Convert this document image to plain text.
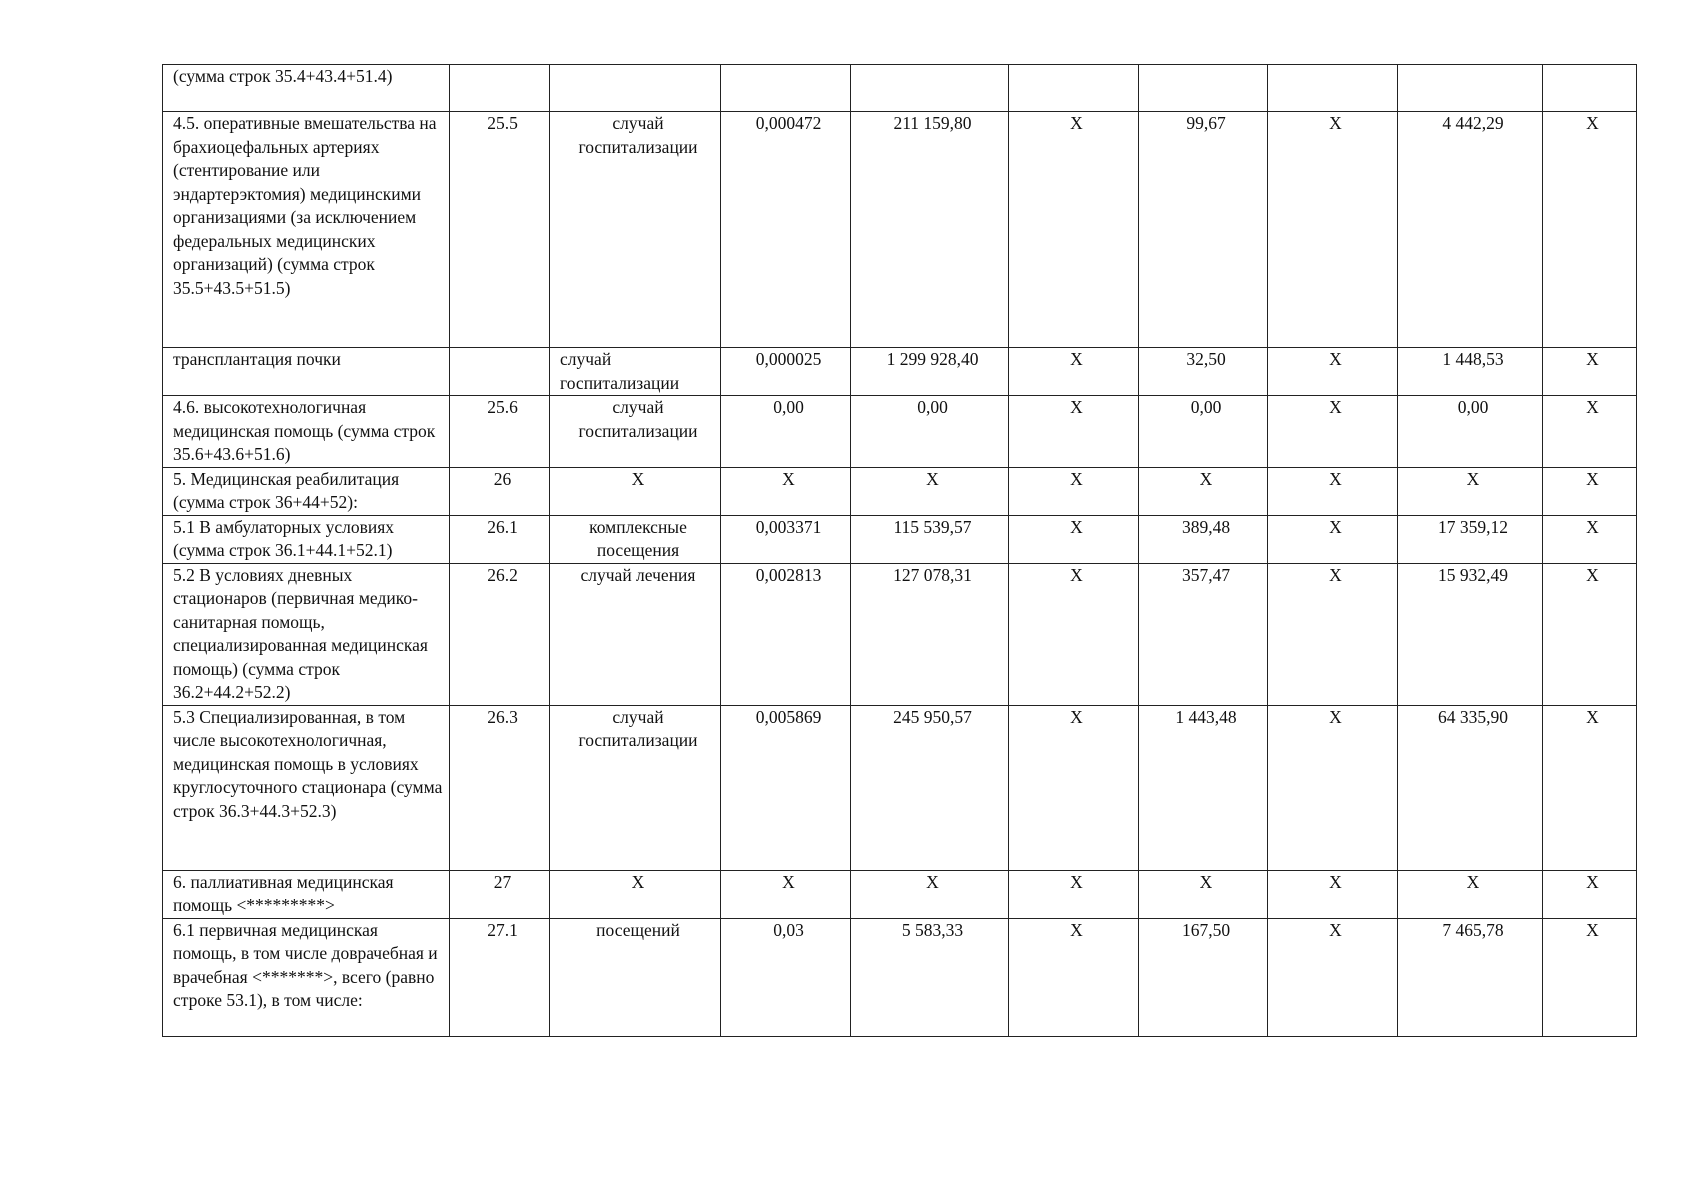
(сумма строк 35.4+43.4+51.4)									
4.5. оперативные вмешательства на брахиоцефальных артериях (стентирование или эндартерэктомия) медицинскими организациями (за исключением федеральных медицинских организаций) (сумма строк 35.5+43.5+51.5)	25.5	случай госпитализации	0,000472	211 159,80	Х	99,67	Х	4 442,29	Х
трансплантация почки		случай госпитализации	0,000025	1 299 928,40	Х	32,50	Х	1 448,53	Х
4.6. высокотехнологичная медицинская помощь (сумма строк 35.6+43.6+51.6)	25.6	случай госпитализации	0,00	0,00	Х	0,00	Х	0,00	Х
5. Медицинская реабилитация (сумма строк 36+44+52):	26	Х	Х	Х	Х	Х	Х	Х	Х
5.1 В амбулаторных условиях (сумма строк 36.1+44.1+52.1)	26.1	комплексные посещения	0,003371	115 539,57	Х	389,48	Х	17 359,12	Х
5.2 В условиях дневных стационаров (первичная медико-санитарная помощь, специализированная медицинская помощь) (сумма строк 36.2+44.2+52.2)	26.2	случай лечения	0,002813	127 078,31	Х	357,47	Х	15 932,49	Х
5.3 Специализированная, в том числе высокотехнологичная, медицинская помощь в условиях круглосуточного стационара (сумма строк 36.3+44.3+52.3)	26.3	случай госпитализации	0,005869	245 950,57	Х	1 443,48	Х	64 335,90	Х
6. паллиативная медицинская помощь <*********>	27	Х	Х	Х	Х	Х	Х	Х	Х
6.1 первичная медицинская помощь, в том числе доврачебная и врачебная <*******>, всего (равно строке 53.1), в том числе:	27.1	посещений	0,03	5 583,33	Х	167,50	Х	7 465,78	Х
